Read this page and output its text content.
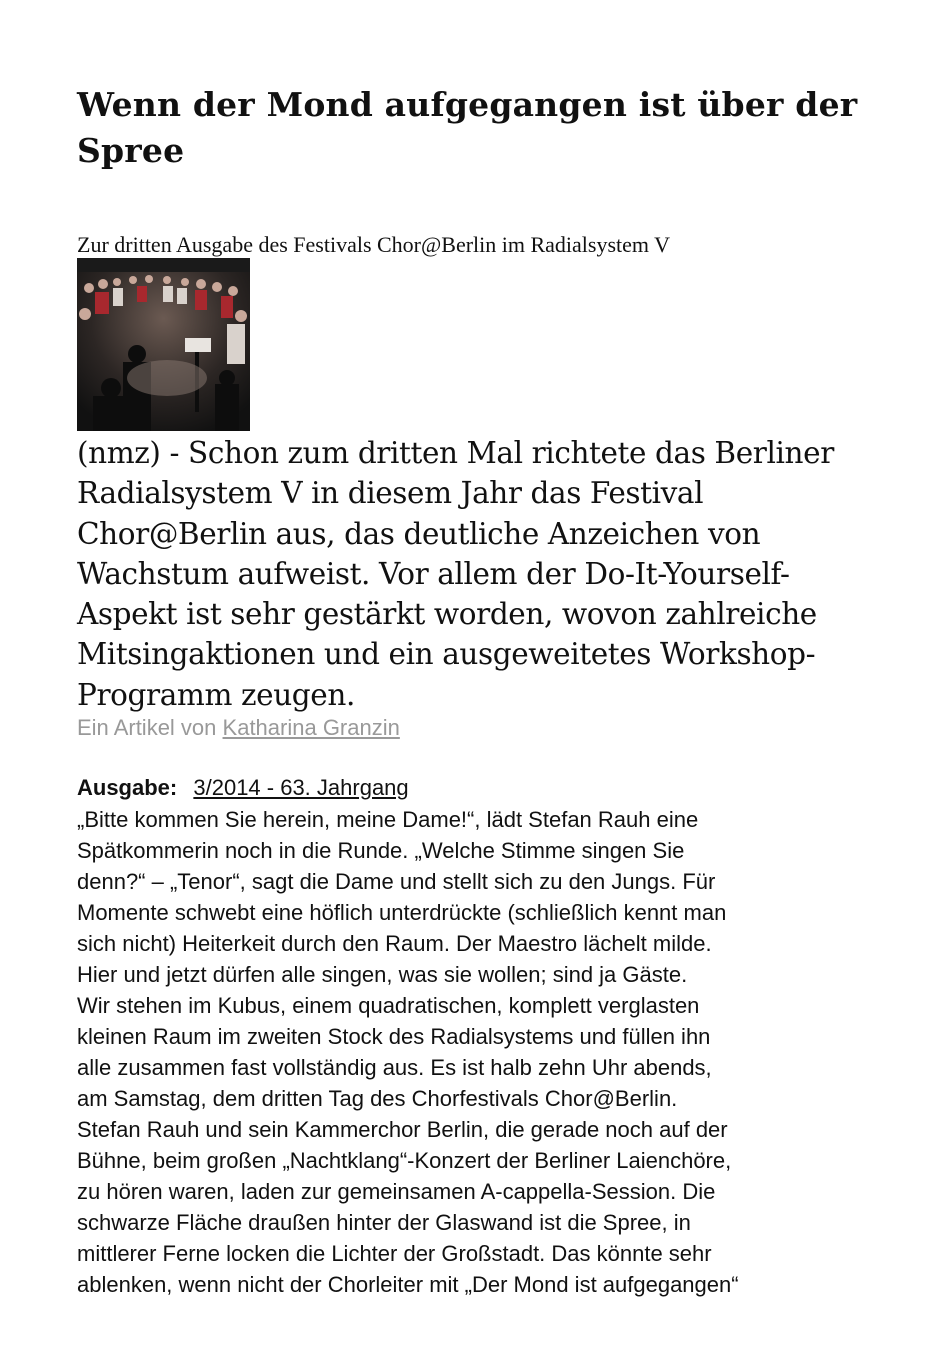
Wenn der Mond aufgegangen ist über der Spree

Zur dritten Ausgabe des Festivals Chor@Berlin im Radialsystem V

(nmz) - Schon zum dritten Mal richtete das Berliner Radialsystem V in diesem Jahr das Festival Chor@Berlin aus, das deutliche Anzeichen von Wachstum aufweist. Vor allem der Do-It-Yourself-Aspekt ist sehr gestärkt worden, wovon zahlreiche Mitsingaktionen und ein ausgeweitetes Workshop-Programm zeugen.

Ein Artikel von Katharina Granzin
Ausgabe: 3/2014 - 63. Jahrgang
„Bitte kommen Sie herein, meine Dame!“, lädt Stefan Rauh eine
Spätkommerin noch in die Runde. „Welche Stimme singen Sie
denn?“ – „Tenor“, sagt die Dame und stellt sich zu den Jungs. Für
Momente schwebt eine höflich unterdrückte (schließlich kennt man
sich nicht) Heiterkeit durch den Raum. Der Maestro lächelt milde.
Hier und jetzt dürfen alle singen, was sie wollen; sind ja Gäste.
Wir stehen im Kubus, einem quadratischen, komplett verglasten
kleinen Raum im zweiten Stock des Radialsystems und füllen ihn
alle zusammen fast vollständig aus. Es ist halb zehn Uhr abends,
am Samstag, dem dritten Tag des Chorfestivals Chor@Berlin.
Stefan Rauh und sein Kammerchor Berlin, die gerade noch auf der
Bühne, beim großen „Nachtklang“-Konzert der Berliner Laienchöre,
zu hören waren, laden zur gemeinsamen A-cappella-Session. Die
schwarze Fläche draußen hinter der Glaswand ist die Spree, in
mittlerer Ferne locken die Lichter der Großstadt. Das könnte sehr
ablenken, wenn nicht der Chorleiter mit „Der Mond ist aufgegangen“
